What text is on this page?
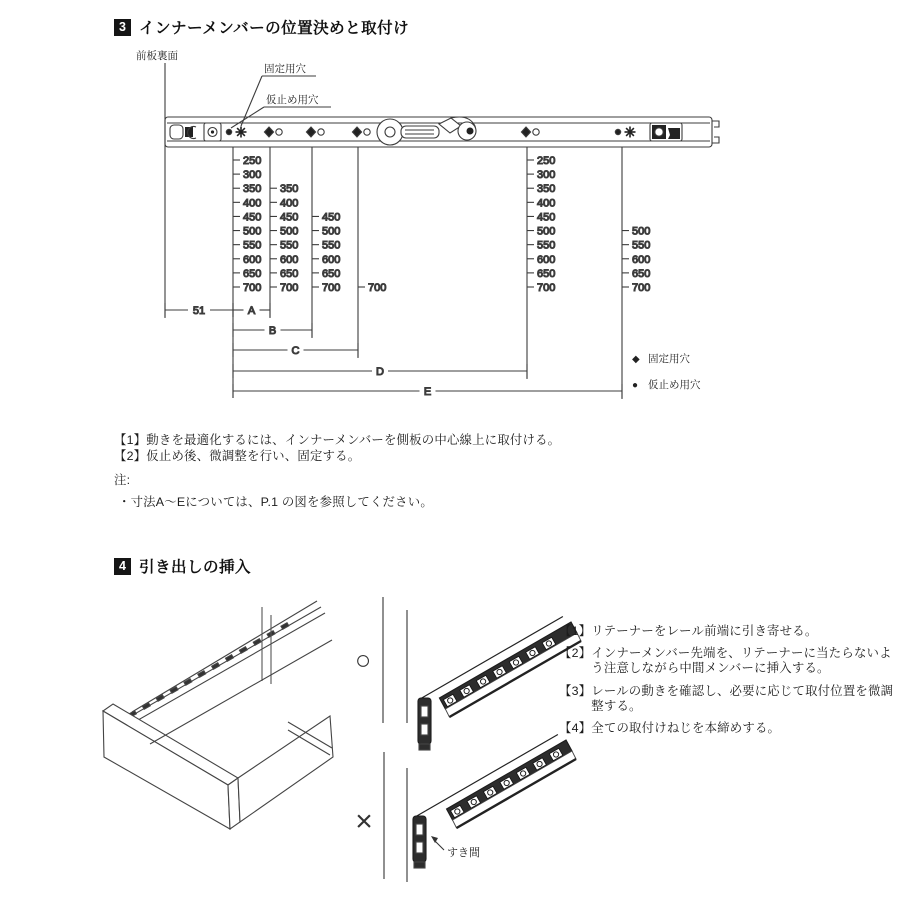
3 インナーメンバーの位置決めと取付け
4 引き出しの挿入
【1】動きを最適化するには、インナーメンバーを側板の中心線上に取付ける。
【2】仮止め後、微調整を行い、固定する。
注:
・寸法A～Eについては、P.1 の図を参照してください。
【1】 リテーナーをレール前端に引き寄せる。
【2】 インナーメンバー先端を、リテーナーに当たらないよう注意しながら中間メンバーに挿入する。
【3】 レールの動きを確認し、必要に応じて取付位置を微調整する。
【4】 全ての取付けねじを本締めする。
前板裏面
固定用穴
仮止め用穴
250
300
350
400
450
500
550
600
650
700
350
400
450
500
550
600
650
700
450
500
550
600
650
700	700
250
300
350
400
450
500
550
600
650
700
500
550
600
650
700
51	A
B
C
D
E
◆ 固定用穴
● 仮止め用穴
○
×
すき間
